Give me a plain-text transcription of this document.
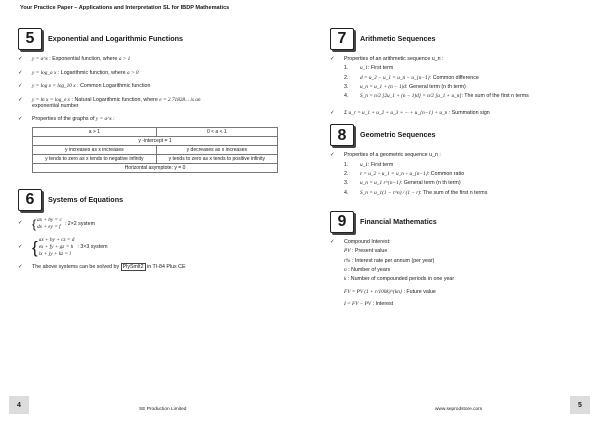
Your Practice Paper – Applications and Interpretation SL for IBDP Mathematics
5	Exponential and Logarithmic Functions
✓	y = a^x : Exponential function, where a > 1
✓	y = log_a x : Logarithmic function, where a > 0
✓	y = log x = log_10 x : Common Logarithmic function
✓	y = ln x = log_e x : Natural Logarithmic function, where e = 2.71828... is an
exponential number
✓	Properties of the graphs of y = a^x :
a > 1	0 < a < 1
y -intercept = 1	
y increases as x increases	y decreases as x increases
y tends to zero as x tends to negative infinity	y tends to zero as x tends to positive infinity
Horizontal asymptote: y = 0	
6	Systems of Equations
✓ { ax + by = c
dx + ey = f
: 2×2 system
✓ { ax + by + cz = d
ex + fy + gz = h
ix + jy + kz = l
: 3×3 system
✓	The above systems can be solved by PlySmlt2 in TI-84 Plus CE
7	Arithmetic Sequences
✓	Properties of an arithmetic sequence u_n :
1.	u_1 : First term
2.	d = u_2 − u_1 = u_n − u_{n−1} : Common difference
3.	u_n = u_1 + (n − 1)d : General term (n th term)
4.	S_n = n/2 [2u_1 + (n − 1)d] = n/2 [u_1 + u_n] : The sum of the first n terms
✓	Σ u_r = u_1 + u_2 + u_3 + ··· + u_{n−1} + u_n : Summation sign
8	Geometric Sequences
✓	Properties of a geometric sequence u_n :
1.	u_1 : First term
2.	r = u_2 ÷ u_1 = u_n ÷ u_{n−1} : Common ratio
3.	u_n = u_1 r^{n−1} : General term (n th term)
4.	S_n = u_1(1 − r^n) / (1 − r) : The sum of the first n terms
9	Financial Mathematics
✓	Compound Interest:
PV : Present value
r% : Interest rate per annum (per year)
n : Number of years
k : Number of compounded periods in one year
FV = PV (1 + r/100k)^{kn} : Future value
I = FV − PV : Interest
4
SE Production Limited	www.seprodstore.com
5
